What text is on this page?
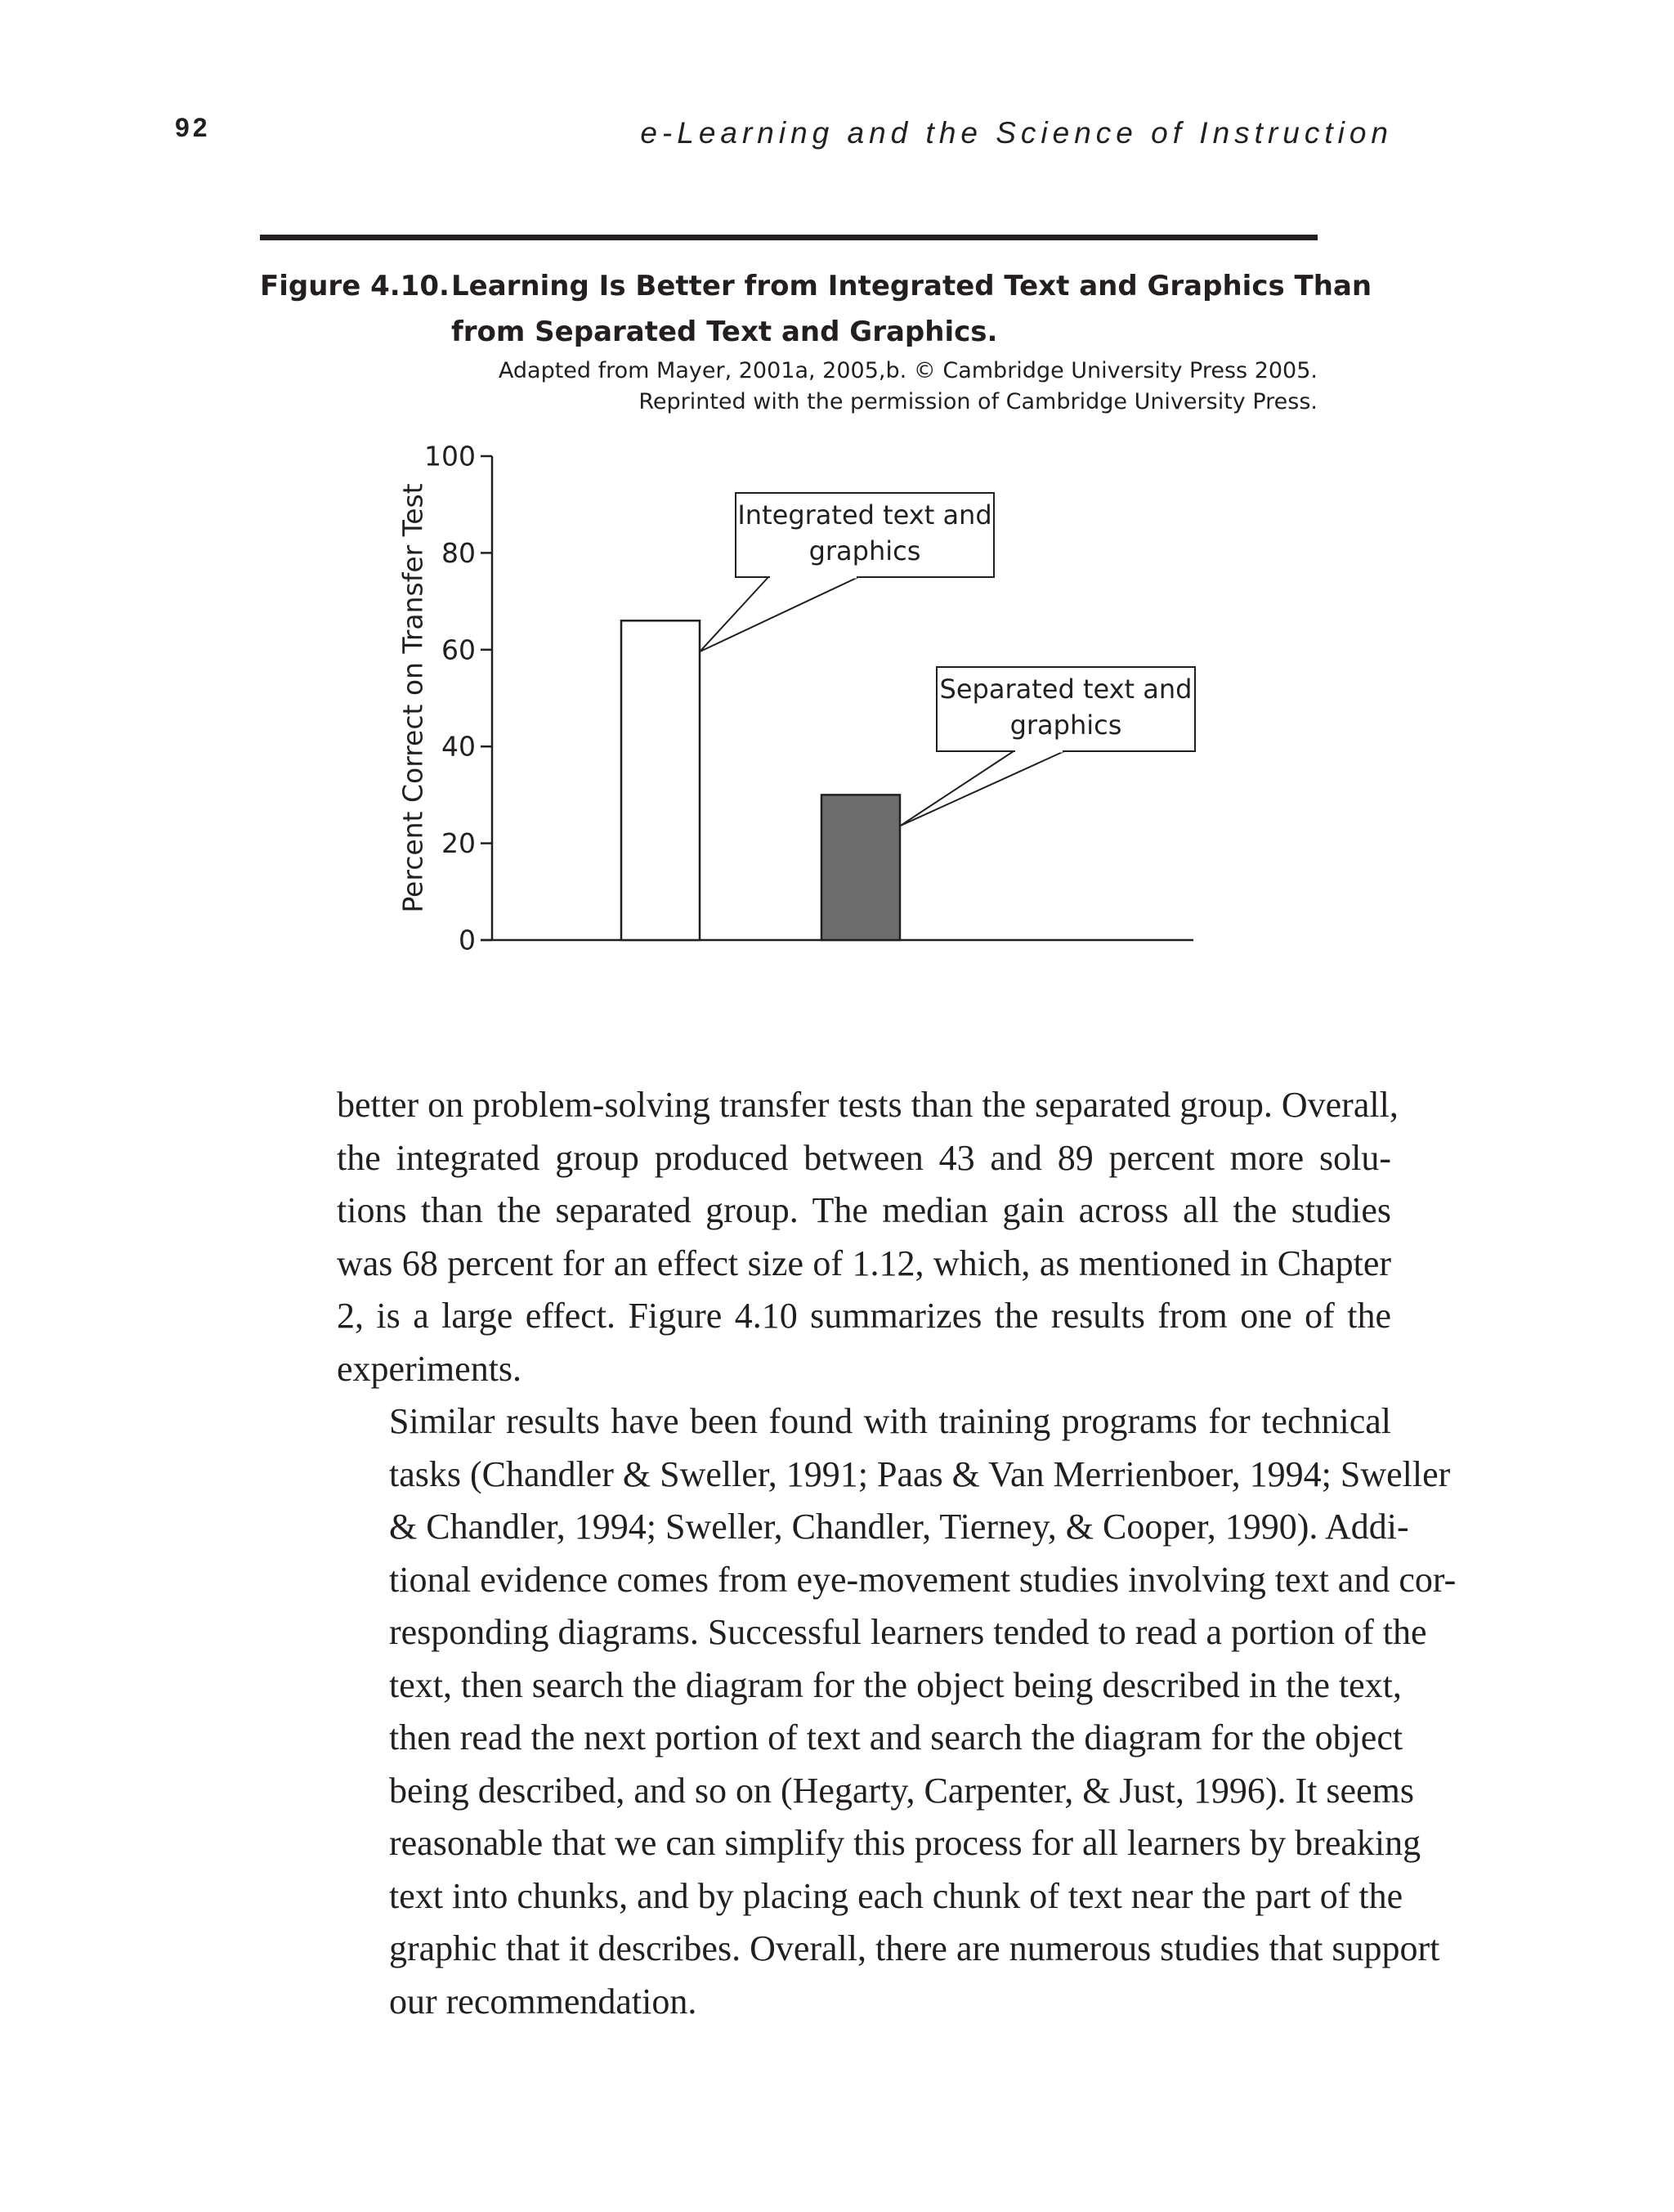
92	e-Learning and the Science of Instruction
Figure 4.10. Learning Is Better from Integrated Text and Graphics Than
from Separated Text and Graphics.
Adapted from Mayer, 2001a, 2005,b. © Cambridge University Press 2005.
Reprinted with the permission of Cambridge University Press.
0
20
40
60
80
100
Percent Correct on Transfer Test	Integrated text and
graphics
Separated text and
graphics

better on problem-solving transfer tests than the separated group. Overall,
the integrated group produced between 43 and 89 percent more solu-
tions than the separated group. The median gain across all the studies
was 68 percent for an effect size of 1.12, which, as mentioned in Chapter
2, is a large effect. Figure 4.10 summarizes the results from one of the
experiments.

Similar results have been found with training programs for technical
tasks (Chandler & Sweller, 1991; Paas & Van Merrienboer, 1994; Sweller
& Chandler, 1994; Sweller, Chandler, Tierney, & Cooper, 1990). Addi-
tional evidence comes from eye-movement studies involving text and cor-
responding diagrams. Successful learners tended to read a portion of the
text, then search the diagram for the object being described in the text,
then read the next portion of text and search the diagram for the object
being described, and so on (Hegarty, Carpenter, & Just, 1996). It seems
reasonable that we can simplify this process for all learners by breaking
text into chunks, and by placing each chunk of text near the part of the
graphic that it describes. Overall, there are numerous studies that support
our recommendation.
